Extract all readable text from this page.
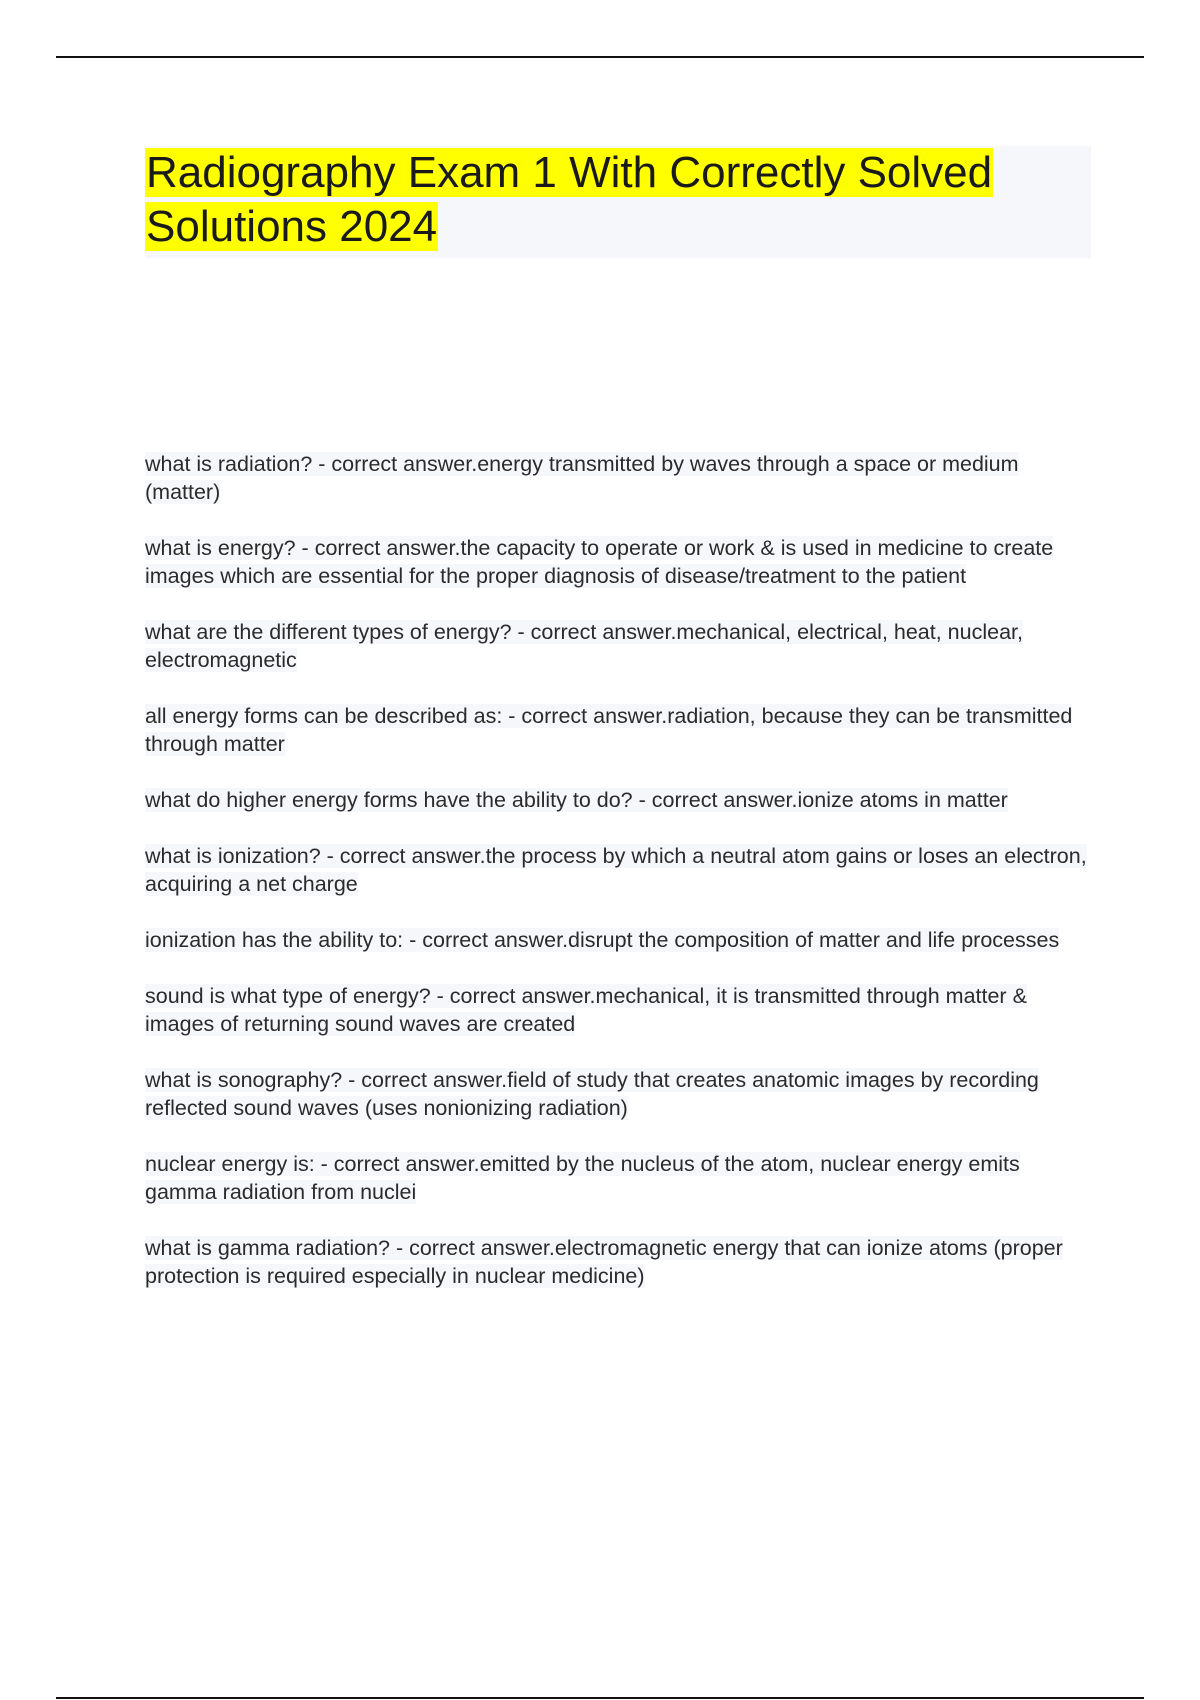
Radiography Exam 1 With Correctly Solved Solutions 2024

what is radiation? - correct answer.energy transmitted by waves through a space or medium (matter)

what is energy? - correct answer.the capacity to operate or work & is used in medicine to create images which are essential for the proper diagnosis of disease/treatment to the patient

what are the different types of energy? - correct answer.mechanical, electrical, heat, nuclear, electromagnetic

all energy forms can be described as: - correct answer.radiation, because they can be transmitted through matter

what do higher energy forms have the ability to do? - correct answer.ionize atoms in matter

what is ionization? - correct answer.the process by which a neutral atom gains or loses an electron, acquiring a net charge

ionization has the ability to: - correct answer.disrupt the composition of matter and life processes

sound is what type of energy? - correct answer.mechanical, it is transmitted through matter & images of returning sound waves are created

what is sonography? - correct answer.field of study that creates anatomic images by recording reflected sound waves (uses nonionizing radiation)

nuclear energy is: - correct answer.emitted by the nucleus of the atom, nuclear energy emits gamma radiation from nuclei

what is gamma radiation? - correct answer.electromagnetic energy that can ionize atoms (proper protection is required especially in nuclear medicine)
